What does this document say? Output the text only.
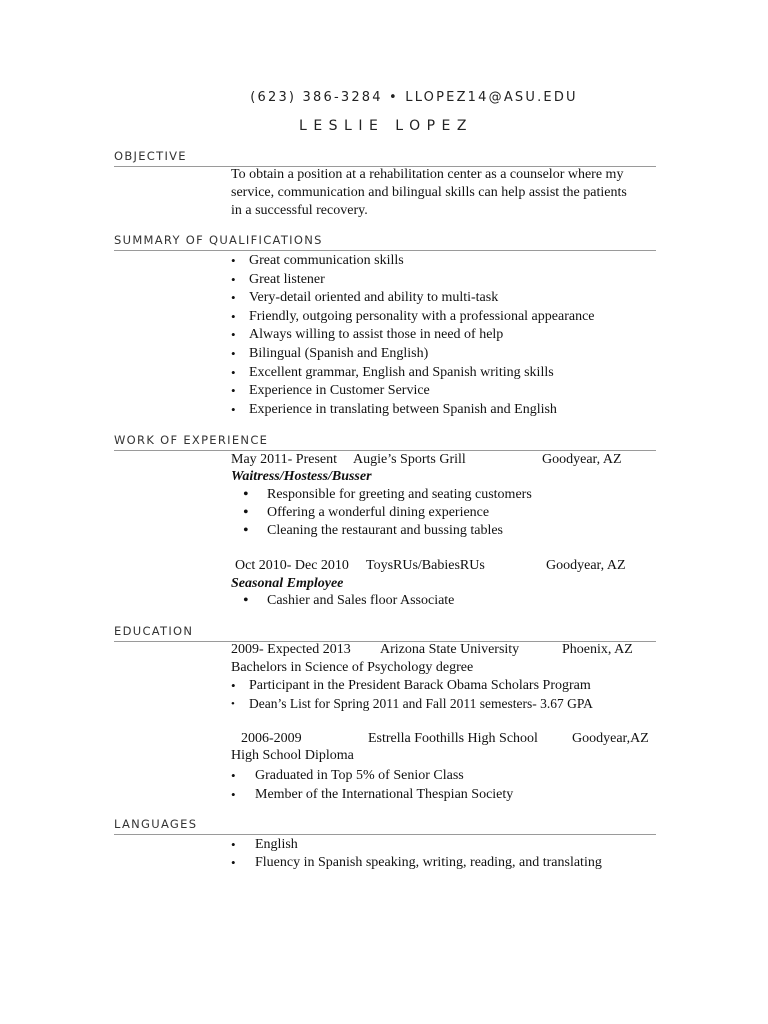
(623) 386-3284 • LLOPEZ14@ASU.EDU
LESLIE LOPEZ
OBJECTIVE
To obtain a position at a rehabilitation center as a counselor where my
service, communication and bilingual skills can help assist the patients
in a successful recovery.
SUMMARY OF QUALIFICATIONS
• Great communication skills
• Great listener
• Very-detail oriented and ability to multi-task
• Friendly, outgoing personality with a professional appearance
• Always willing to assist those in need of help
• Bilingual (Spanish and English)
• Excellent grammar, English and Spanish writing skills
• Experience in Customer Service
• Experience in translating between Spanish and English
WORK OF EXPERIENCE
May 2011- Present Augie’s Sports Grill	Goodyear, AZ
Waitress/Hostess/Busser
• Responsible for greeting and seating customers
• Offering a wonderful dining experience
• Cleaning the restaurant and bussing tables
Oct 2010- Dec 2010 ToysRUs/BabiesRUs	Goodyear, AZ
Seasonal Employee
• Cashier and Sales floor Associate
EDUCATION
2009- Expected 2013 Arizona State University	Phoenix, AZ
Bachelors in Science of Psychology degree
• Participant in the President Barack Obama Scholars Program
• Dean’s List for Spring 2011 and Fall 2011 semesters- 3.67 GPA
2006-2009	Estrella Foothills High School Goodyear,AZ
High School Diploma
• Graduated in Top 5% of Senior Class
• Member of the International Thespian Society
LANGUAGES
• English
• Fluency in Spanish speaking, writing, reading, and translating
